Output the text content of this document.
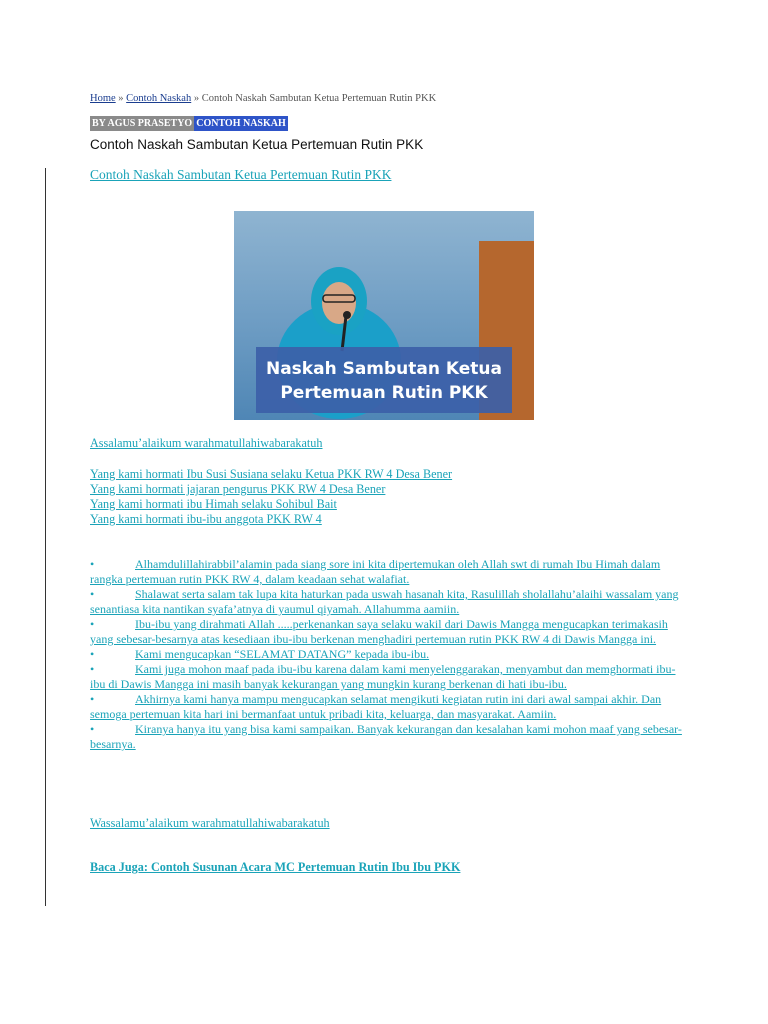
Home » Contoh Naskah » Contoh Naskah Sambutan Ketua Pertemuan Rutin PKK
BY AGUS PRASETYO CONTOH NASKAH
Contoh Naskah Sambutan Ketua Pertemuan Rutin PKK
Contoh Naskah Sambutan Ketua Pertemuan Rutin PKK
Naskah Sambutan Ketua
Pertemuan Rutin PKK
Assalamu’alaikum warahmatullahiwabarakatuh
Yang kami hormati Ibu Susi Susiana selaku Ketua PKK RW 4 Desa Bener
Yang kami hormati jajaran pengurus PKK RW 4 Desa Bener
Yang kami hormati ibu Himah selaku Sohibul Bait
Yang kami hormati ibu-ibu anggota PKK RW 4
•	Alhamdulillahirabbil’alamin pada siang sore ini kita dipertemukan oleh Allah swt di rumah Ibu Himah dalam rangka pertemuan rutin PKK RW 4, dalam keadaan sehat walafiat.
•	Shalawat serta salam tak lupa kita haturkan pada uswah hasanah kita, Rasulillah sholallahu’alaihi wassalam yang senantiasa kita nantikan syafa’atnya di yaumul qiyamah. Allahumma aamiin.
•	Ibu-ibu yang dirahmati Allah .....perkenankan saya selaku wakil dari Dawis Mangga mengucapkan terimakasih yang sebesar-besarnya atas kesediaan ibu-ibu berkenan menghadiri pertemuan rutin PKK RW 4 di Dawis Mangga ini.
•	Kami mengucapkan “SELAMAT DATANG” kepada ibu-ibu.
•	Kami juga mohon maaf pada ibu-ibu karena dalam kami menyelenggarakan, menyambut dan memghormati ibu-ibu di Dawis Mangga ini masih banyak kekurangan yang mungkin kurang berkenan di hati ibu-ibu.
•	Akhirnya kami hanya mampu mengucapkan selamat mengikuti kegiatan rutin ini dari awal sampai akhir. Dan semoga pertemuan kita hari ini bermanfaat untuk pribadi kita, keluarga, dan masyarakat. Aamiin.
•	Kiranya hanya itu yang bisa kami sampaikan. Banyak kekurangan dan kesalahan kami mohon maaf yang sebesar-besarnya.
Wassalamu’alaikum warahmatullahiwabarakatuh
Baca Juga: Contoh Susunan Acara MC Pertemuan Rutin Ibu Ibu PKK
